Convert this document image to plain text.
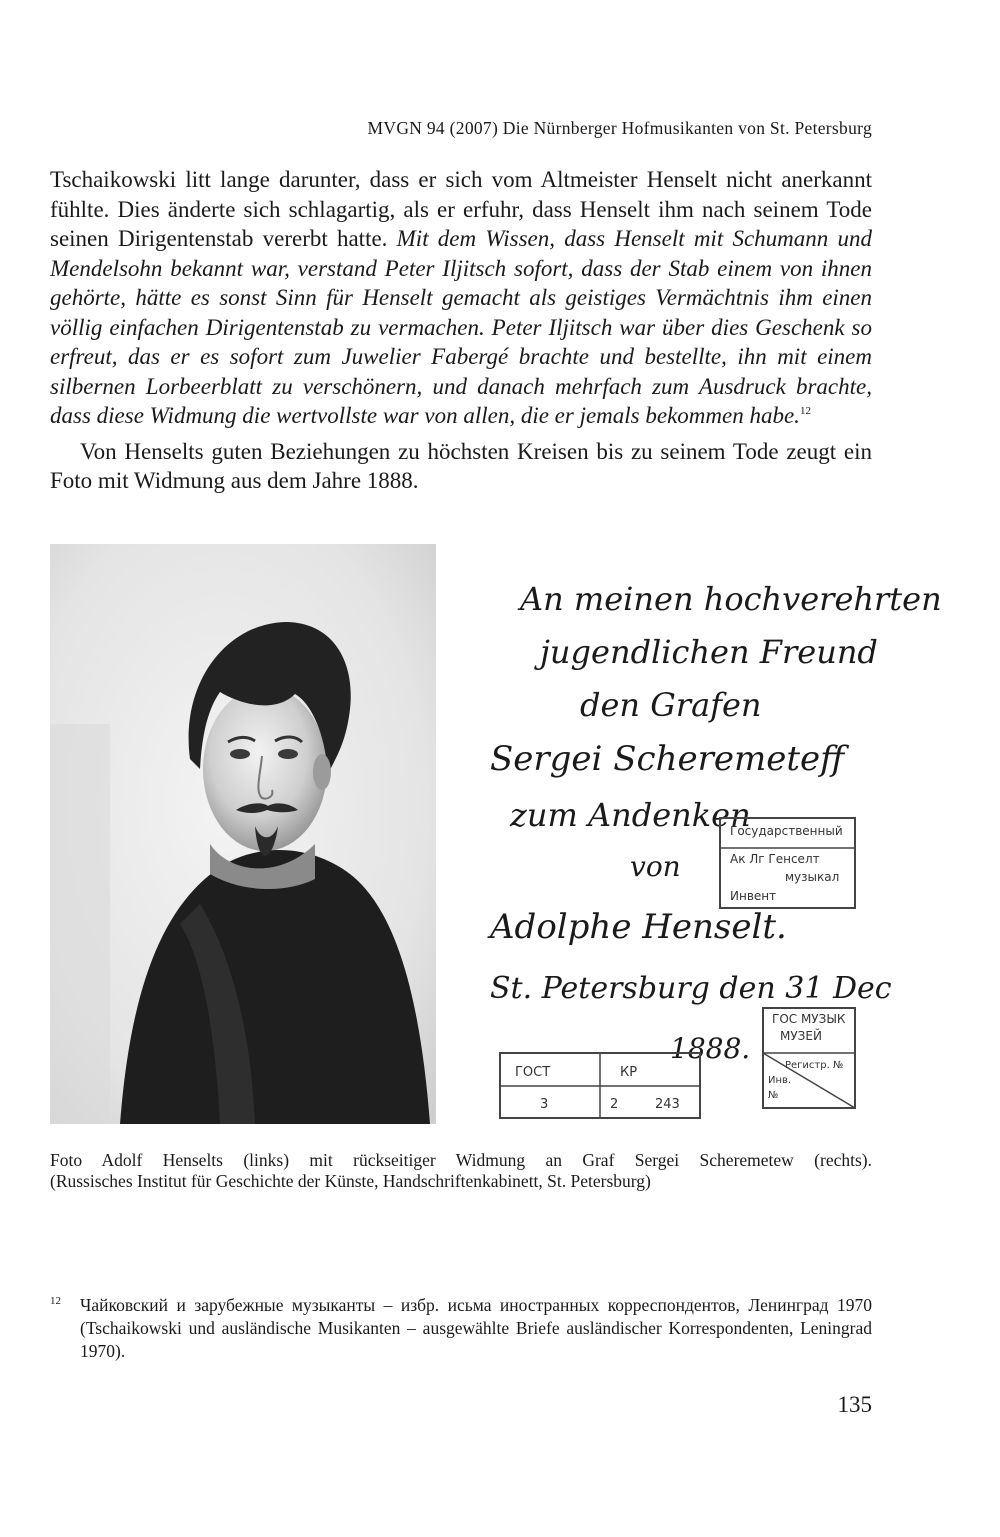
MVGN 94 (2007) Die Nürnberger Hofmusikanten von St. Petersburg

Tschaikowski litt lange darunter, dass er sich vom Altmeister Henselt nicht anerkannt fühlte. Dies änderte sich schlagartig, als er erfuhr, dass Henselt ihm nach seinem Tode seinen Dirigentenstab vererbt hatte. Mit dem Wissen, dass Henselt mit Schumann und Mendelsohn bekannt war, verstand Peter Iljitsch sofort, dass der Stab einem von ihnen gehörte, hätte es sonst Sinn für Henselt gemacht als geistiges Vermächtnis ihm einen völlig einfachen Dirigentenstab zu vermachen. Peter Iljitsch war über dies Geschenk so erfreut, das er es sofort zum Juwelier Fabergé brachte und bestellte, ihn mit einem silbernen Lorbeerblatt zu verschönern, und danach mehrfach zum Ausdruck brachte, dass diese Widmung die wertvollste war von allen, die er jemals bekommen habe.$^{12}$

Von Henselts guten Beziehungen zu höchsten Kreisen bis zu seinem Tode zeugt ein Foto mit Widmung aus dem Jahre 1888.

An meinen hochverehrten
jugendlichen Freund
den Grafen
Sergei Scheremeteff
zum Andenken
von
Adolphe Henselt.
St. Petersburg den 31 Dec
1888.
Государственный
Ак Лг Генселт
музыкал
Инвент
ГОС МУЗЫК
МУЗЕЙ
Регистр. №
Инв.
№
ГОСТ	КР
3	2	243

Foto Adolf Henselts (links) mit rückseitiger Widmung an Graf Sergei Scheremetew (rechts).

(Russisches Institut für Geschichte der Künste, Handschriftenkabinett, St. Petersburg)

12 Чайковский и зарубежные музыканты – избр. исьма иностранных корреспондентов, Ленинград 1970 (Tschaikowski und ausländische Musikanten – ausgewählte Briefe ausländischer Korrespondenten, Leningrad 1970).
135
